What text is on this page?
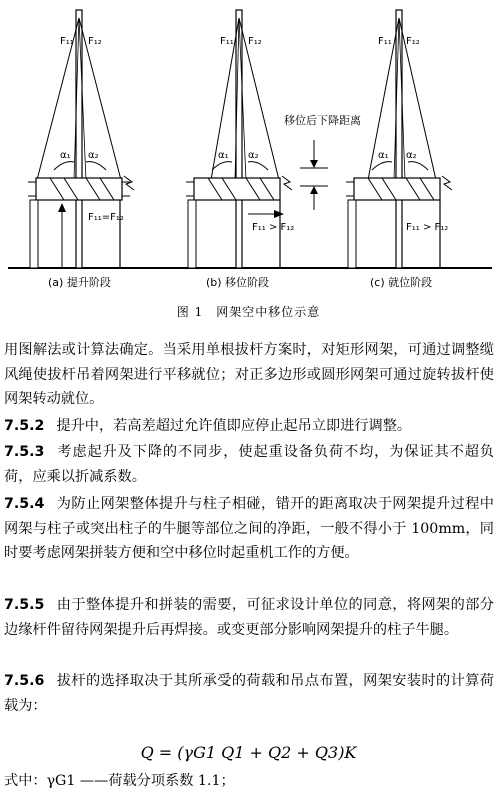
F₁₁ F₁₂
α₁ α₂
F₁₁=F₁₂
F₁₁ F₁₂
α₁ α₂
F₁₁ > F₁₂
移位后下降距离
F₁₁ F₁₂
α₁ α₂
F₁₁ > F₁₂
(a) 提升阶段	(b) 移位阶段	(c) 就位阶段
图 1　网架空中移位示意
用图解法或计算法确定。当采用单根拔杆方案时，对矩形网架，可通过调整缆风绳使拔杆吊着网架进行平移就位；对正多边形或圆形网架可通过旋转拔杆使网架转动就位。
7.5.2 提升中，若高差超过允许值即应停止起吊立即进行调整。
7.5.3 考虑起升及下降的不同步，使起重设备负荷不均，为保证其不超负荷，应乘以折减系数。
7.5.4 为防止网架整体提升与柱子相碰，错开的距离取决于网架提升过程中网架与柱子或突出柱子的牛腿等部位之间的净距，一般不得小于 100mm，同时要考虑网架拼装方便和空中移位时起重机工作的方便。
7.5.5 由于整体提升和拼装的需要，可征求设计单位的同意，将网架的部分边缘杆件留待网架提升后再焊接。或变更部分影响网架提升的柱子牛腿。
7.5.6 拔杆的选择取决于其所承受的荷载和吊点布置，网架安装时的计算荷载为：
Q = (γG1 Q1 + Q2 + Q3)K
式中：γG1 ——荷载分项系数 1.1；
